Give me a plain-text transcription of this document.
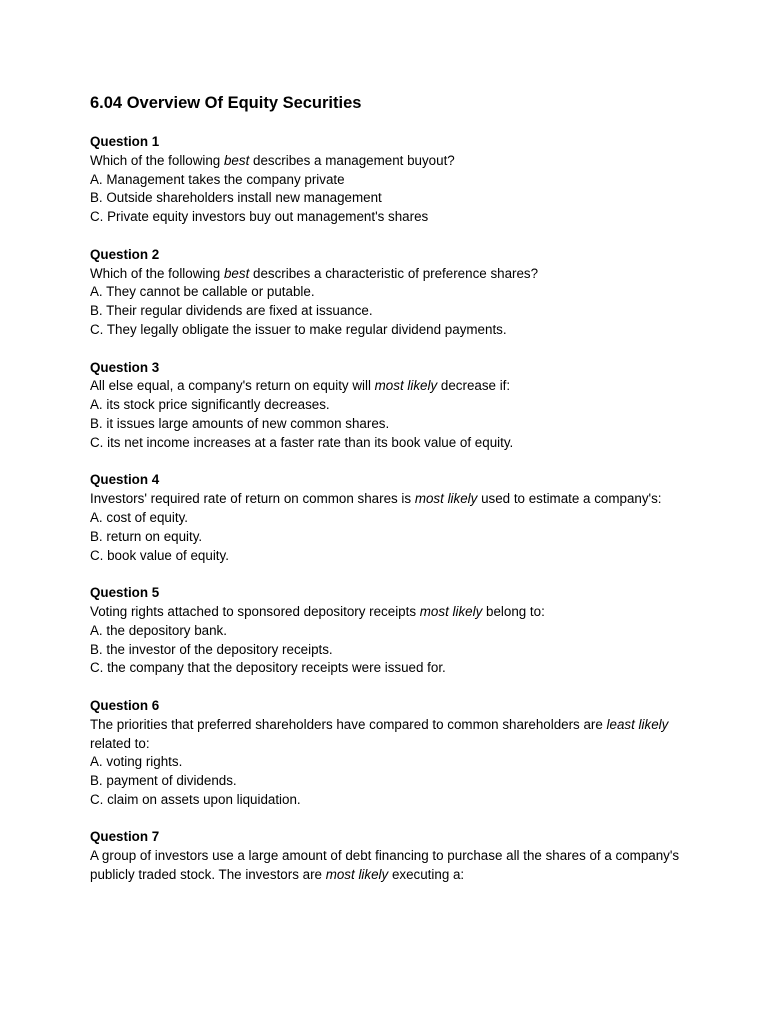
6.04 Overview Of Equity Securities
Question 1
Which of the following best describes a management buyout?
A. Management takes the company private
B. Outside shareholders install new management
C. Private equity investors buy out management's shares
Question 2
Which of the following best describes a characteristic of preference shares?
A. They cannot be callable or putable.
B. Their regular dividends are fixed at issuance.
C. They legally obligate the issuer to make regular dividend payments.
Question 3
All else equal, a company's return on equity will most likely decrease if:
A. its stock price significantly decreases.
B. it issues large amounts of new common shares.
C. its net income increases at a faster rate than its book value of equity.
Question 4
Investors' required rate of return on common shares is most likely used to estimate a company's:
A. cost of equity.
B. return on equity.
C. book value of equity.
Question 5
Voting rights attached to sponsored depository receipts most likely belong to:
A. the depository bank.
B. the investor of the depository receipts.
C. the company that the depository receipts were issued for.
Question 6
The priorities that preferred shareholders have compared to common shareholders are least likely related to:
A. voting rights.
B. payment of dividends.
C. claim on assets upon liquidation.
Question 7
A group of investors use a large amount of debt financing to purchase all the shares of a company's publicly traded stock. The investors are most likely executing a:
